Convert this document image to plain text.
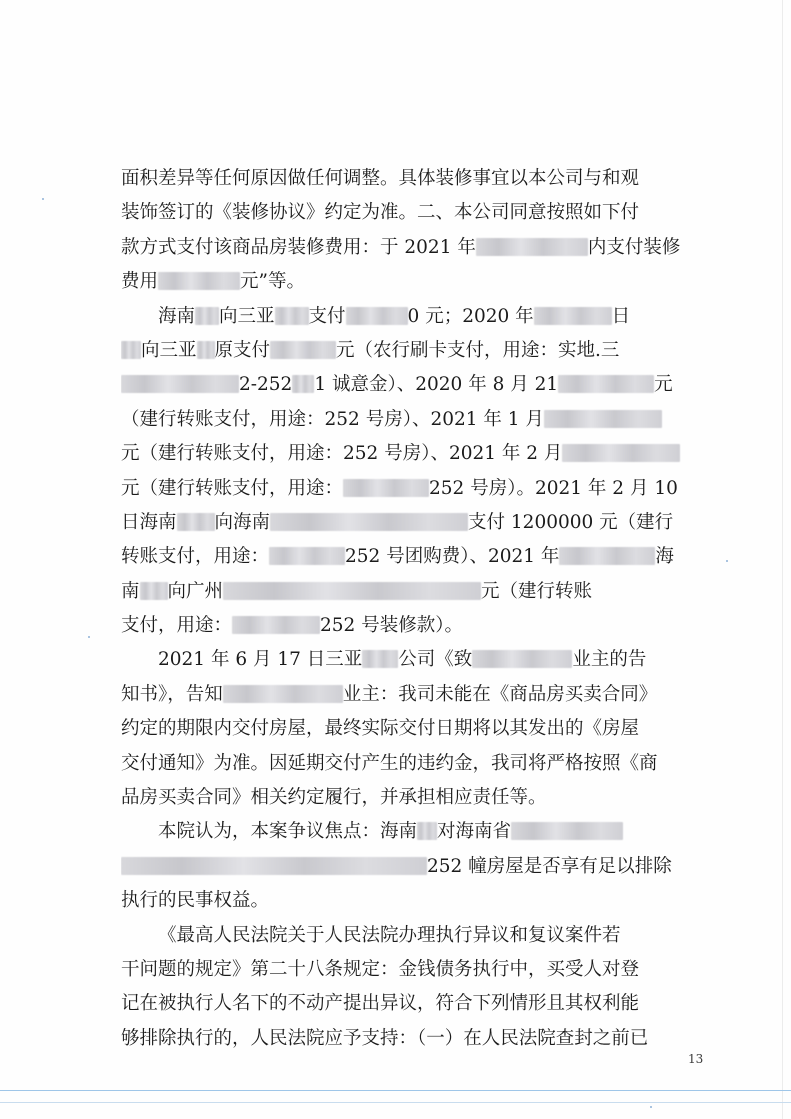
面积差异等任何原因做任何调整。具体装修事宜以本公司与和观
装饰签订的《装修协议》约定为准。二、本公司同意按照如下付
款方式支付该商品房装修费用：于 2021 年	内支付装修
费用	元”等。
海南 向三亚 支付	0 元；2020 年	日
向三亚 原支付	元（农行刷卡支付，用途：实地.三
2-252 1 诚意金）、2020 年 8 月 21	元
（建行转账支付，用途：252 号房）、2021 年 1 月
元（建行转账支付，用途：252 号房）、2021 年 2 月
元（建行转账支付，用途：	252 号房）。2021 年 2 月 10
日海南 向海南	支付 1200000 元（建行
转账支付，用途：	252 号团购费）、2021 年	海
南 向广州	元（建行转账
支付，用途：	252 号装修款）。
2021 年 6 月 17 日三亚 公司《致	业主的告
知书》，告知	业主：我司未能在《商品房买卖合同》
约定的期限内交付房屋，最终实际交付日期将以其发出的《房屋
交付通知》为准。因延期交付产生的违约金，我司将严格按照《商
品房买卖合同》相关约定履行，并承担相应责任等。
本院认为，本案争议焦点：海南 对海南省
252 幢房屋是否享有足以排除
执行的民事权益。
《最高人民法院关于人民法院办理执行异议和复议案件若
干问题的规定》第二十八条规定：金钱债务执行中，买受人对登
记在被执行人名下的不动产提出异议，符合下列情形且其权利能
够排除执行的，人民法院应予支持：（一）在人民法院查封之前已
13
